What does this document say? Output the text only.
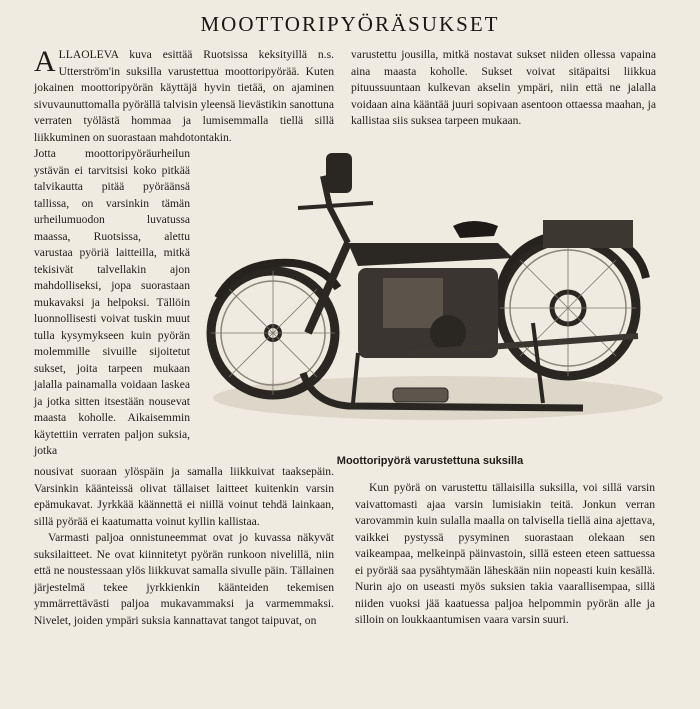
MOOTTORIPYÖRÄSUKSET

ALLAOLEVA kuva esittää Ruotsissa keksityillä n.s. Utterström'in suksilla varustettua moottoripyörää. Kuten jokainen moottoripyörän käyttäjä hyvin tietää, on ajaminen sivuvaunuttomalla pyörällä talvisin yleensä lievästikin sanottuna verraten työlästä hommaa ja lumisemmalla tiellä sillä liikkuminen on suorastaan mahdotontakin.

Jotta moottoripyöräurheilun ystävän ei tarvitsisi koko pitkää talvikautta pitää pyöräänsä tallissa, on varsinkin tämän urheilumuodon luvatussa maassa, Ruotsissa, alettu varustaa pyöriä laitteilla, mitkä tekisivät talvellakin ajon mahdolliseksi, jopa suorastaan mukavaksi ja helpoksi. Tällöin luonnollisesti voivat tuskin muut tulla kysymykseen kuin pyörän molemmille sivuille sijoitetut sukset, joita tarpeen mukaan jalalla painamalla voidaan laskea ja jotka sitten itsestään nousevat maasta koholle. Aikaisemmin käytettiin verraten paljon suksia, jotka

nousivat suoraan ylöspäin ja samalla liikkuivat taaksepäin. Varsinkin käänteissä olivat tällaiset laitteet kuitenkin varsin epämukavat. Jyrkkää käännettä ei niillä voinut tehdä lainkaan, sillä pyörää ei kaatumatta voinut kyllin kallistaa.

Varmasti paljoa onnistuneemmat ovat jo kuvassa näkyvät suksilaitteet. Ne ovat kiinnitetyt pyörän runkoon nivelillä, niin että ne noustessaan ylös liikkuvat samalla sivulle päin. Tällainen järjestelmä tekee jyrkkienkin käänteiden tekemisen ymmärrettävästi paljoa mukavammaksi ja varmemmaksi. Nivelet, joiden ympäri suksia kannattavat tangot taipuvat, on

varustettu jousilla, mitkä nostavat sukset niiden ollessa vapaina aina maasta koholle. Sukset voivat sitäpaitsi liikkua pituussuuntaan kulkevan akselin ympäri, niin että ne jalalla voidaan aina kääntää juuri sopivaan asentoon ottaessa maahan, ja kallistaa siis suksea tarpeen mukaan.

Moottoripyörä varustettuna suksilla

Kun pyörä on varustettu tällaisilla suksilla, voi sillä varsin vaivattomasti ajaa varsin lumisiakin teitä. Jonkun verran varovammin kuin sulalla maalla on talvisella tiellä aina ajettava, vaikkei pystyssä pysyminen suorastaan olekaan sen vaikeampaa, melkeinpä päinvastoin, sillä esteen eteen sattuessa ei pyörää saa pysähtymään läheskään niin nopeasti kuin kesällä. Nurin ajo on useasti myös suksien takia vaarallisempaa, sillä niiden vuoksi jää kaatuessa paljoa helpommin pyörän alle ja silloin on loukkaantumisen vaara varsin suuri.
